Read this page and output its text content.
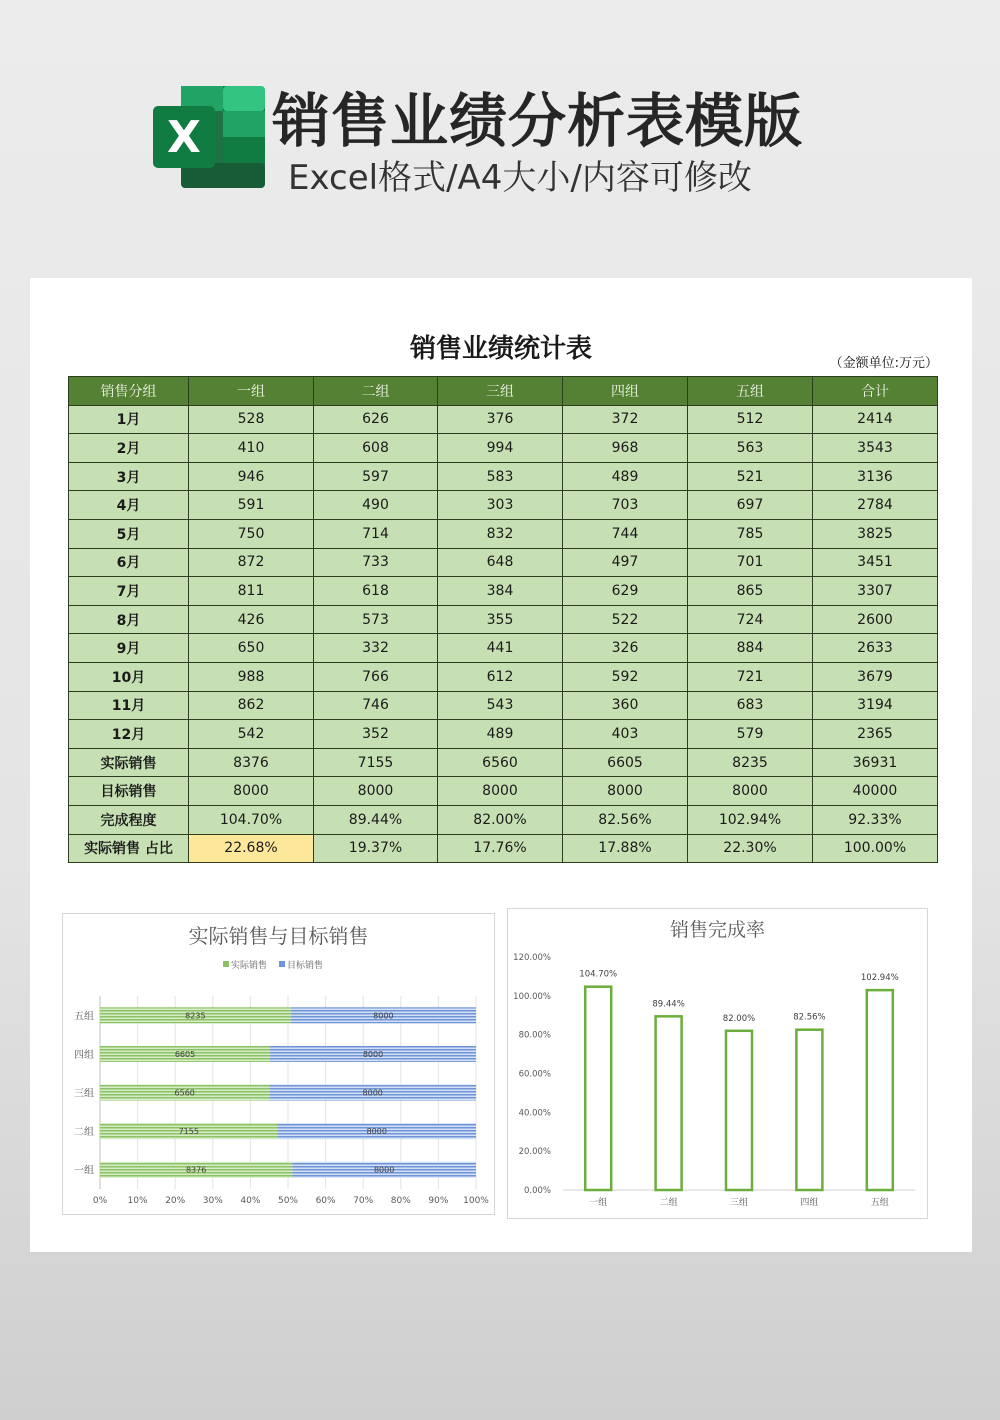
X 销售业绩分析表模版
Excel格式/A4大小/内容可修改
销售业绩统计表	（金额单位:万元）
销售分组	一组	二组	三组	四组	五组	合计
1月	528	626	376	372	512	2414
2月	410	608	994	968	563	3543
3月	946	597	583	489	521	3136
4月	591	490	303	703	697	2784
5月	750	714	832	744	785	3825
6月	872	733	648	497	701	3451
7月	811	618	384	629	865	3307
8月	426	573	355	522	724	2600
9月	650	332	441	326	884	2633
10月	988	766	612	592	721	3679
11月	862	746	543	360	683	3194
12月	542	352	489	403	579	2365
实际销售	8376	7155	6560	6605	8235	36931
目标销售	8000	8000	8000	8000	8000	40000
完成程度	104.70%	89.44%	82.00%	82.56%	102.94%	92.33%
实际销售 占比	22.68%	19.37%	17.76%	17.88%	22.30%	100.00%
实际销售与目标销售
实际销售 目标销售
0% 10% 20% 30% 40% 50% 60% 70% 80% 90% 100%
一组	8376	8000
二组	7155	8000
三组	6560	8000
四组	6605	8000
五组	8235	8000
销售完成率
0.00%
20.00%
40.00%
60.00%
80.00%
100.00%
120.00%
104.70%
一组
89.44%
二组
82.00%
三组
82.56%
四组
102.94%
五组
